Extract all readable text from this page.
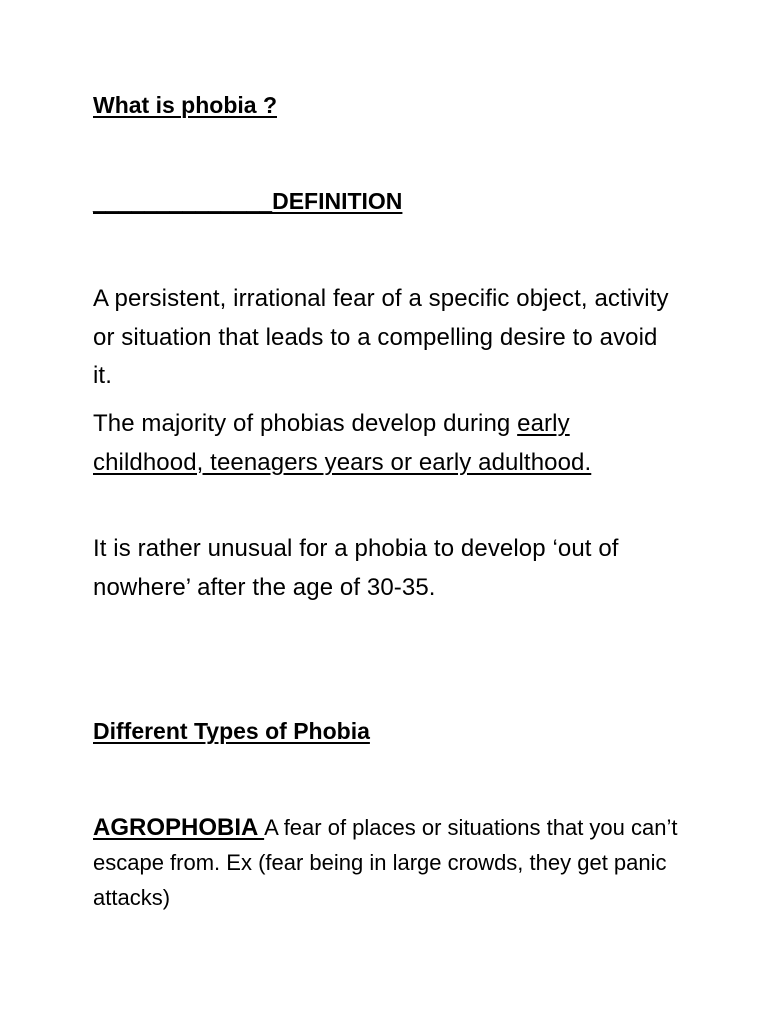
What is phobia ?

______________DEFINITION

A persistent, irrational fear of a specific object, activity or situation that leads to a compelling desire to avoid it.

The majority of phobias develop during early childhood, teenagers years or early adulthood.

It is rather unusual for a phobia to develop ‘out of nowhere’ after the age of 30-35.

Different Types of Phobia

AGROPHOBIA A fear of places or situations that you can’t escape from. Ex (fear being in large crowds, they get panic attacks)
